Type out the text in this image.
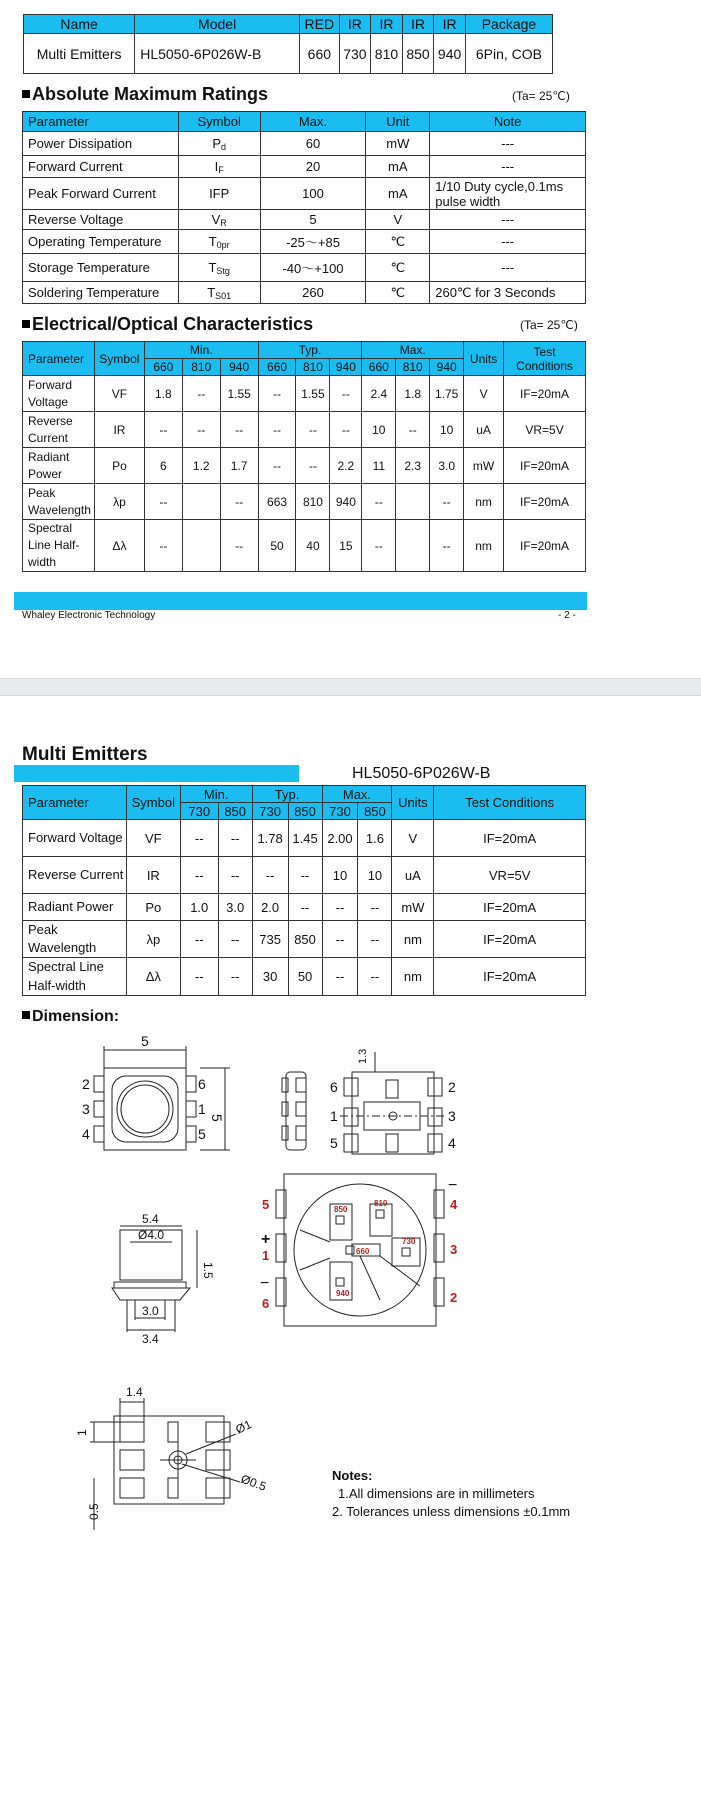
Name	Model	RED	IR	IR	IR	IR	Package
Multi Emitters	HL5050-6P026W-B	660	730	810	850	940	6Pin, COB
Absolute Maximum Ratings	(Ta= 25℃)
Parameter	Symbol	Max.	Unit	Note
Power Dissipation	$P_d$	60	mW	---
Forward Current	$I_F$	20	mA	---
Peak Forward Current	IFP	100	mA	1/10 Duty cycle,0.1ms pulse width
Reverse Voltage	$V_R$	5	V	---
Operating Temperature	$T_{0pr}$	-25～+85	℃	---
Storage Temperature	$T_{Stg}$	-40～+100	℃	---
Soldering Temperature	$T_{S01}$	260	℃	260℃ for 3 Seconds
Electrical/Optical Characteristics	(Ta= 25℃)
Parameter	Symbol	Min.			Typ.			Max.			Units	Test Conditions
		660	810	940	660	810	940	660	810	940		
Forward Voltage	VF	1.8	--	1.55	--	1.55	--	2.4	1.8	1.75	V	IF=20mA
Reverse Current	IR	--	--	--	--	--	--	10	--	10	uA	VR=5V
Radiant Power	Po	6	1.2	1.7	--	--	2.2	11	2.3	3.0	mW	IF=20mA
Peak Wavelength	λp	--		--	663	810	940	--		--	nm	IF=20mA
Spectral Line Half-width	Δλ	--		--	50	40	15	--		--	nm	IF=20mA
Whaley Electronic Technology	- 2 -
Multi Emitters
HL5050-6P026W-B
Parameter	Symbol	Min.		Typ.		Max.		Units	Test Conditions
		730	850	730	850	730	850		
Forward Voltage	VF	--	--	1.78	1.45	2.00	1.6	V	IF=20mA
Reverse Current	IR	--	--	--	--	10	10	uA	VR=5V
Radiant Power	Po	1.0	3.0	2.0	--	--	--	mW	IF=20mA
Peak Wavelength	λp	--	--	735	850	--	--	nm	IF=20mA
Spectral Line Half-width	Δλ	--	--	30	50	--	--	nm	IF=20mA
Dimension:
5
5
2
3
4
6
1
5
1.3
6
1
5
2
3
4
5.4
Ø4.0
1.5
3.0
3.4
5
1
6
4
3
2
+
−
−
850
810
660
730
940
1.4
1	Ø1
Ø0.5
0.5
Notes:
1.All dimensions are in millimeters
2. Tolerances unless dimensions ±0.1mm
